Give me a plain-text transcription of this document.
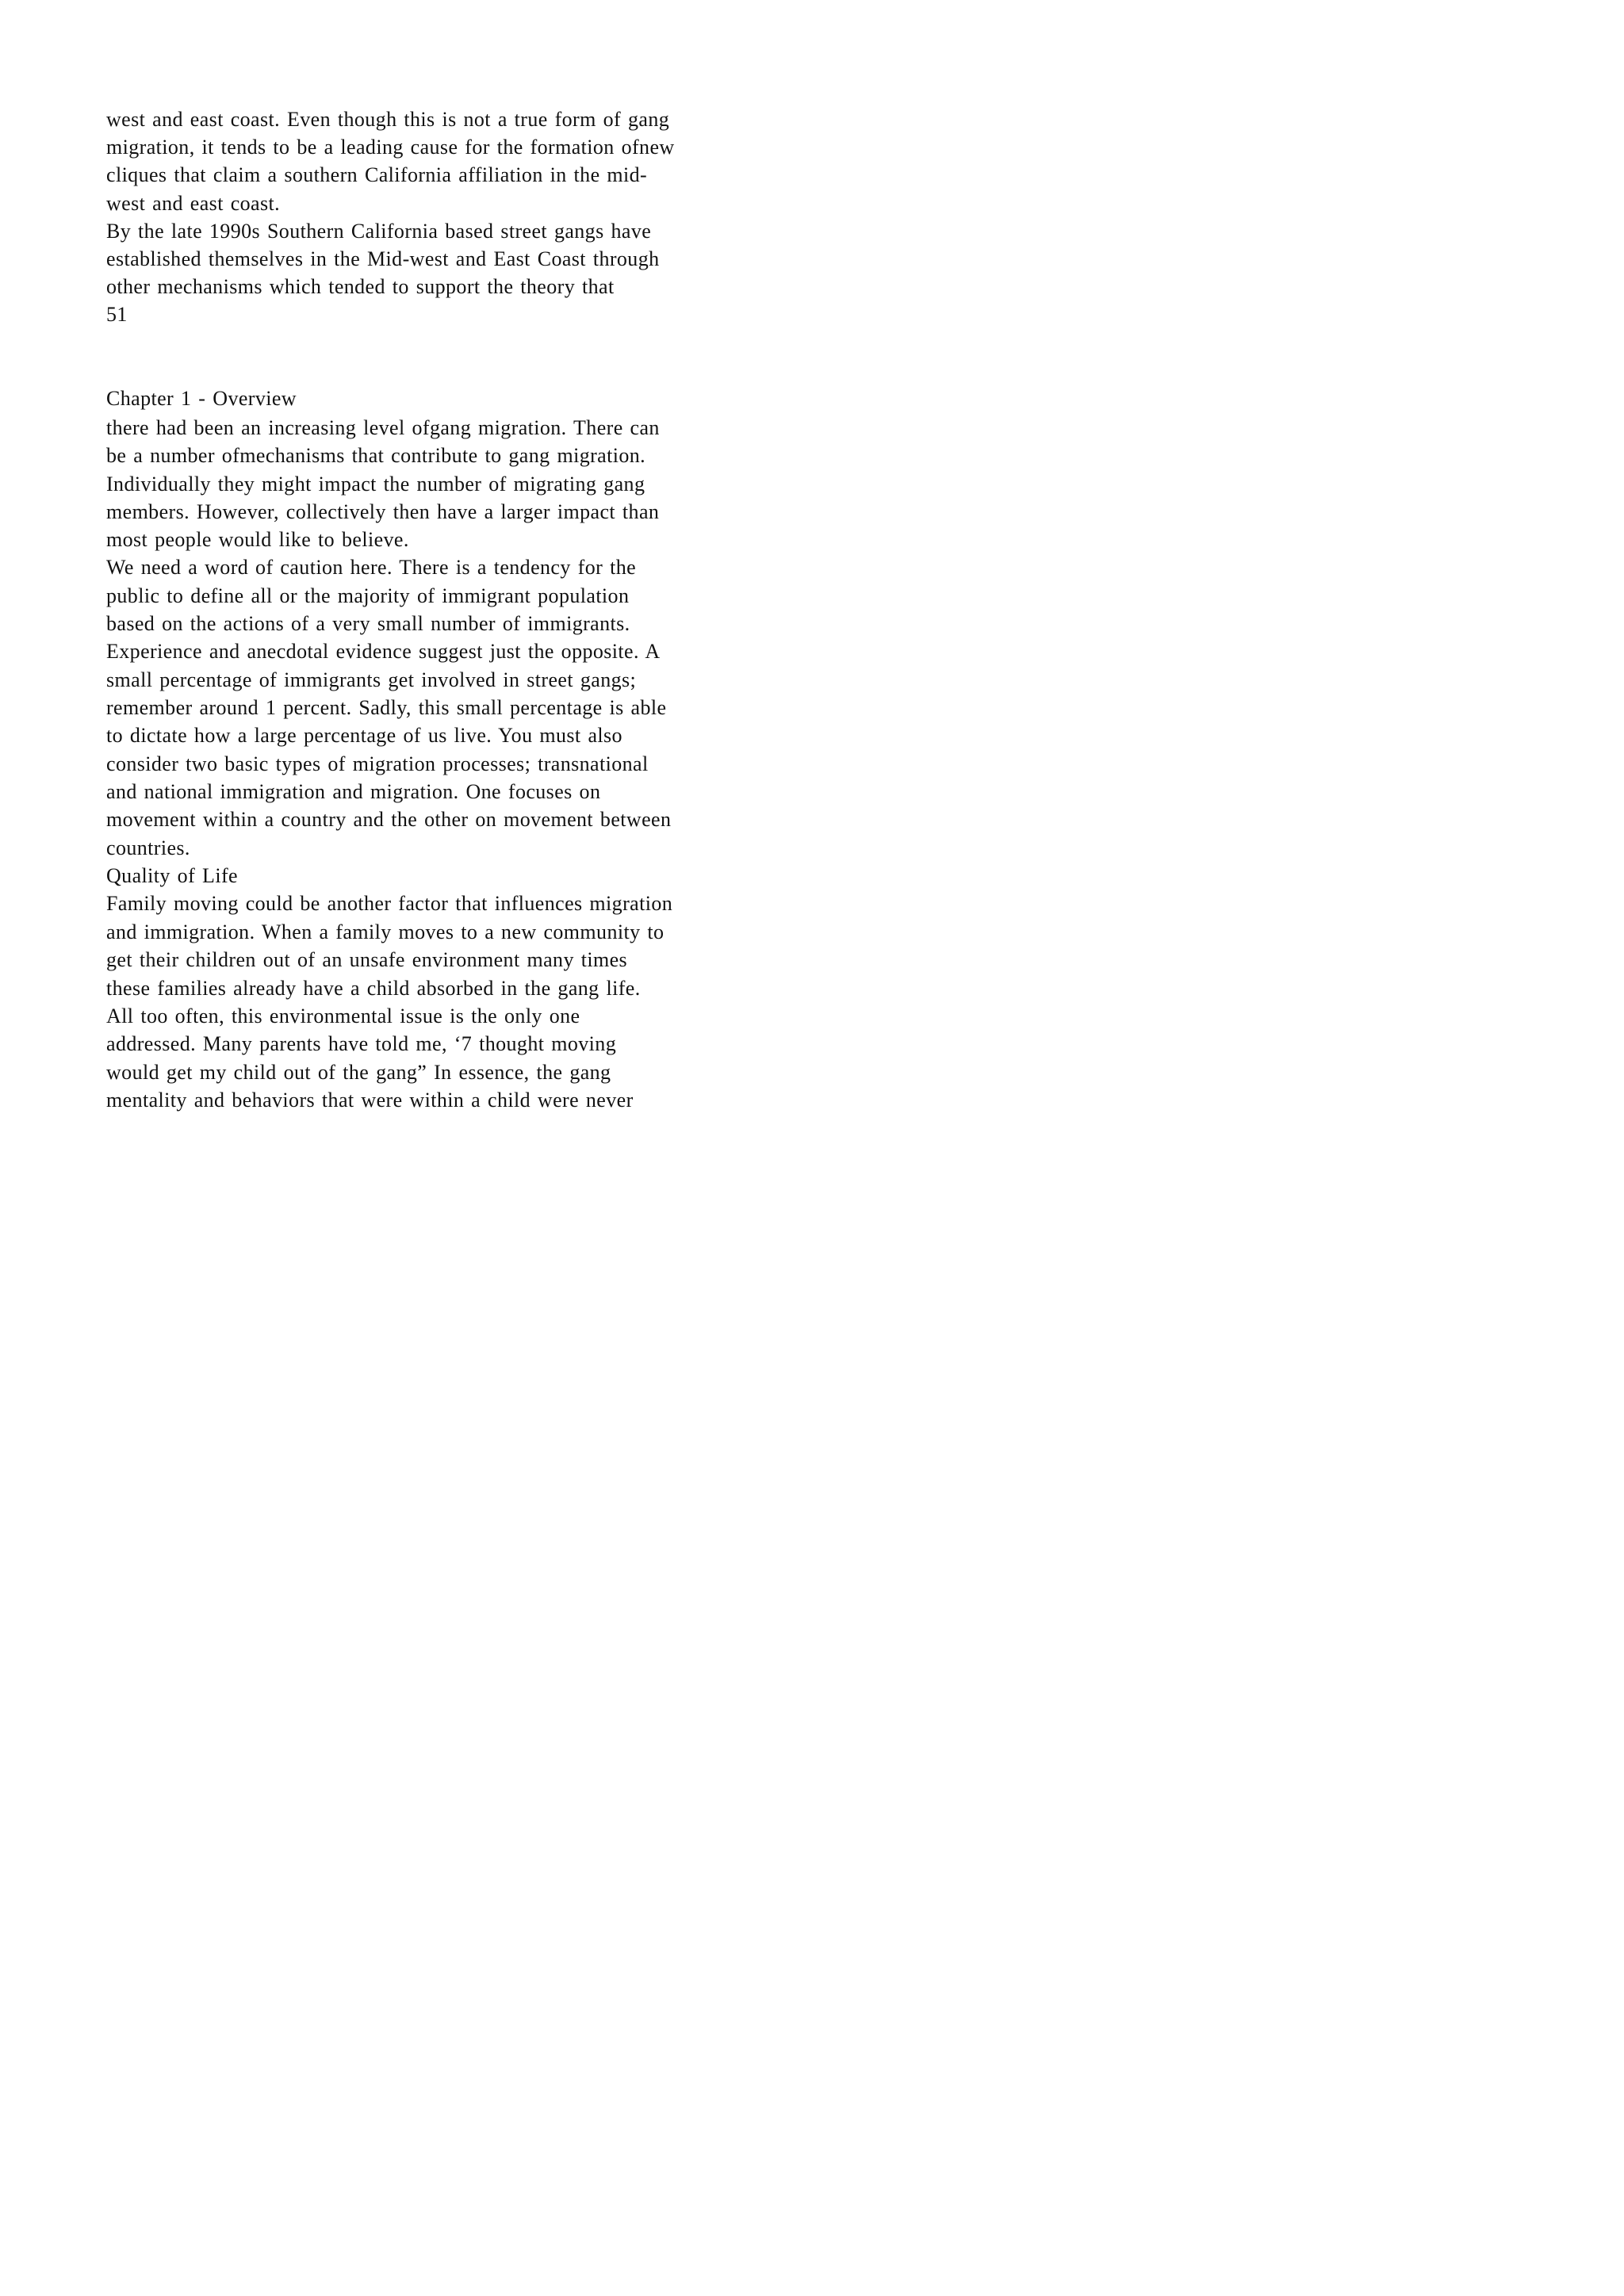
west and east coast. Even though this is not a true form of gang

migration, it tends to be a leading cause for the formation ofnew

cliques that claim a southern California affiliation in the mid-

west and east coast.

By the late 1990s Southern California based street gangs have

established themselves in the Mid-west and East Coast through

other mechanisms which tended to support the theory that

51

Chapter 1 - Overview

there had been an increasing level ofgang migration. There can

be a number ofmechanisms that contribute to gang migration.

Individually they might impact the number of migrating gang

members. However, collectively then have a larger impact than

most people would like to believe.

We need a word of caution here. There is a tendency for the

public to define all or the majority of immigrant population

based on the actions of a very small number of immigrants.

Experience and anecdotal evidence suggest just the opposite. A

small percentage of immigrants get involved in street gangs;

remember around 1 percent. Sadly, this small percentage is able

to dictate how a large percentage of us live. You must also

consider two basic types of migration processes; transnational

and national immigration and migration. One focuses on

movement within a country and the other on movement between

countries.

Quality of Life

Family moving could be another factor that influences migration

and immigration. When a family moves to a new community to

get their children out of an unsafe environment many times

these families already have a child absorbed in the gang life.

All too often, this environmental issue is the only one

addressed. Many parents have told me, ‘7 thought moving

would get my child out of the gang” In essence, the gang

mentality and behaviors that were within a child were never
